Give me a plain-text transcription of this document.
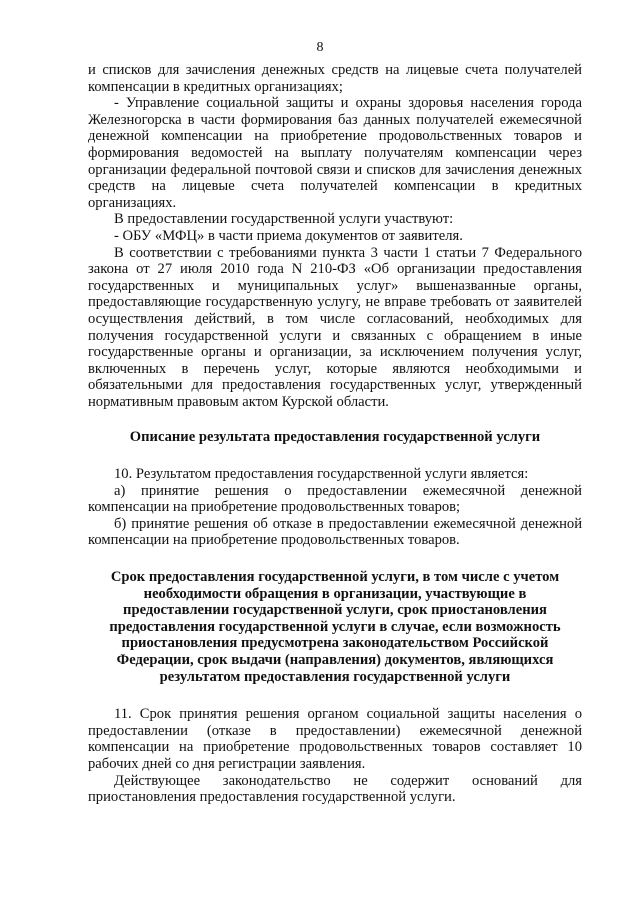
8

и списков для зачисления денежных средств на лицевые счета получателей компенсации в кредитных организациях;

- Управление социальной защиты и охраны здоровья населения города Железногорска в части формирования баз данных получателей ежемесячной денежной компенсации на приобретение продовольственных товаров и формирования ведомостей на выплату получателям компенсации через организации федеральной почтовой связи и списков для зачисления денежных средств на лицевые счета получателей компенсации в кредитных организациях.

В предоставлении государственной услуги участвуют:

- ОБУ «МФЦ» в части приема документов от заявителя.

В соответствии с требованиями пункта 3 части 1 статьи 7 Федерального закона от 27 июля 2010 года N 210-ФЗ «Об организации предоставления государственных и муниципальных услуг» вышеназванные органы, предоставляющие государственную услугу, не вправе требовать от заявителей осуществления действий, в том числе согласований, необходимых для получения государственной услуги и связанных с обращением в иные государственные органы и организации, за исключением получения услуг, включенных в перечень услуг, которые являются необходимыми и обязательными для предоставления государственных услуг, утвержденный нормативным правовым актом Курской области.

Описание результата предоставления государственной услуги

10. Результатом предоставления государственной услуги является:

а) принятие решения о предоставлении ежемесячной денежной компенсации на приобретение продовольственных товаров;

б) принятие решения об отказе в предоставлении ежемесячной денежной компенсации на приобретение продовольственных товаров.

Срок предоставления государственной услуги, в том числе с учетом необходимости обращения в организации, участвующие в предоставлении государственной услуги, срок приостановления предоставления государственной услуги в случае, если возможность приостановления предусмотрена законодательством Российской Федерации, срок выдачи (направления) документов, являющихся результатом предоставления государственной услуги

11. Срок принятия решения органом социальной защиты населения о предоставлении (отказе в предоставлении) ежемесячной денежной компенсации на приобретение продовольственных товаров составляет 10 рабочих дней со дня регистрации заявления.

Действующее законодательство не содержит оснований для приостановления предоставления государственной услуги.
